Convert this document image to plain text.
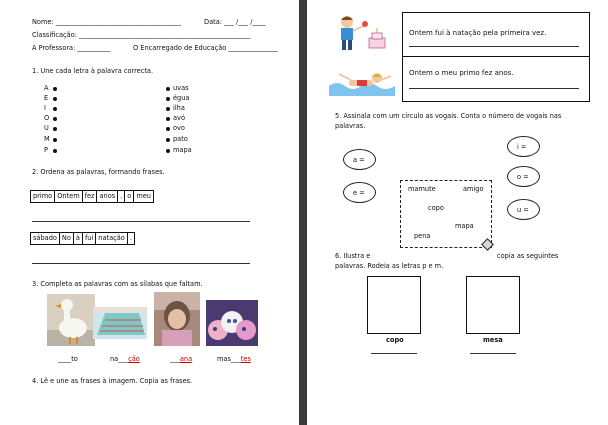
Nome: ______________________________________	Data: ___ /___ /____
Classificação: ____________________________________________________
A Professora: __________	O Encarregado de Educação _______________
1. Une cada letra à palavra correcta.
A
E
I
O
U
M
P
uvas
égua
ilha
avó
ovo
pato
mapa
2. Ordena as palavras, formando frases.
primo	Ontem	fez	anos	.	o	meu
sábado	No	à	fui	natação	.
3. Completa as palavras com as sílabas que faltam.
____to	na___ção	___ana	mas___tes
4. Lê e une as frases à imagem. Copia as frases.
Ontem fui à natação pela primeira vez.
Ontem o meu primo fez anos.
5. Assinala com um círculo as vogais. Conta o número de vogais nas
palavras.
a =
e =
i =
o =
u =
mamute	amigo
copo
mapa
pena
6. Ilustra e	copia as seguintes
palavras. Rodeia as letras p e m.
copo	mesa
